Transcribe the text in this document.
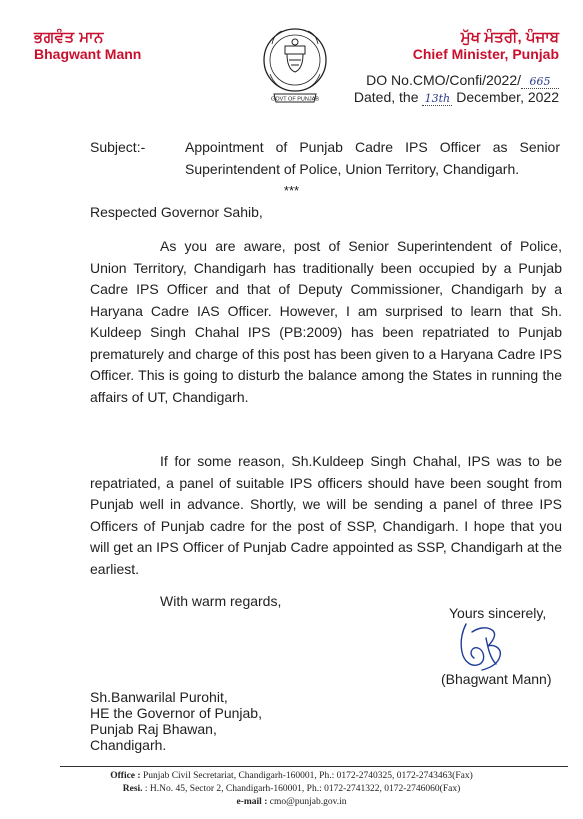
ਭਗਵੰਤ ਮਾਨ
Bhagwant Mann
GOVT OF PUNJAB
ਮੁੱਖ ਮੰਤਰੀ, ਪੰਜਾਬ
Chief Minister, Punjab
DO No.CMO/Confi/2022/ 665
Dated, the 13th December, 2022
Subject:-	Appointment of Punjab Cadre IPS Officer as Senior
Superintendent of Police, Union Territory, Chandigarh.
***
Respected Governor Sahib,
As you are aware, post of Senior Superintendent of Police, Union Territory, Chandigarh has traditionally been occupied by a Punjab Cadre IPS Officer and that of Deputy Commissioner, Chandigarh by a Haryana Cadre IAS Officer. However, I am surprised to learn that Sh. Kuldeep Singh Chahal IPS (PB:2009) has been repatriated to Punjab prematurely and charge of this post has been given to a Haryana Cadre IPS Officer. This is going to disturb the balance among the States in running the affairs of UT, Chandigarh.
If for some reason, Sh.Kuldeep Singh Chahal, IPS was to be repatriated, a panel of suitable IPS officers should have been sought from Punjab well in advance. Shortly, we will be sending a panel of three IPS Officers of Punjab cadre for the post of SSP, Chandigarh. I hope that you will get an IPS Officer of Punjab Cadre appointed as SSP, Chandigarh at the earliest.
With warm regards,
Yours sincerely,
(Bhagwant Mann)
Sh.Banwarilal Purohit,
HE the Governor of Punjab,
Punjab Raj Bhawan,
Chandigarh.
Office : Punjab Civil Secretariat, Chandigarh-160001, Ph.: 0172-2740325, 0172-2743463(Fax)
Resi. : H.No. 45, Sector 2, Chandigarh-160001, Ph.: 0172-2741322, 0172-2746060(Fax)
e-mail : cmo@punjab.gov.in
